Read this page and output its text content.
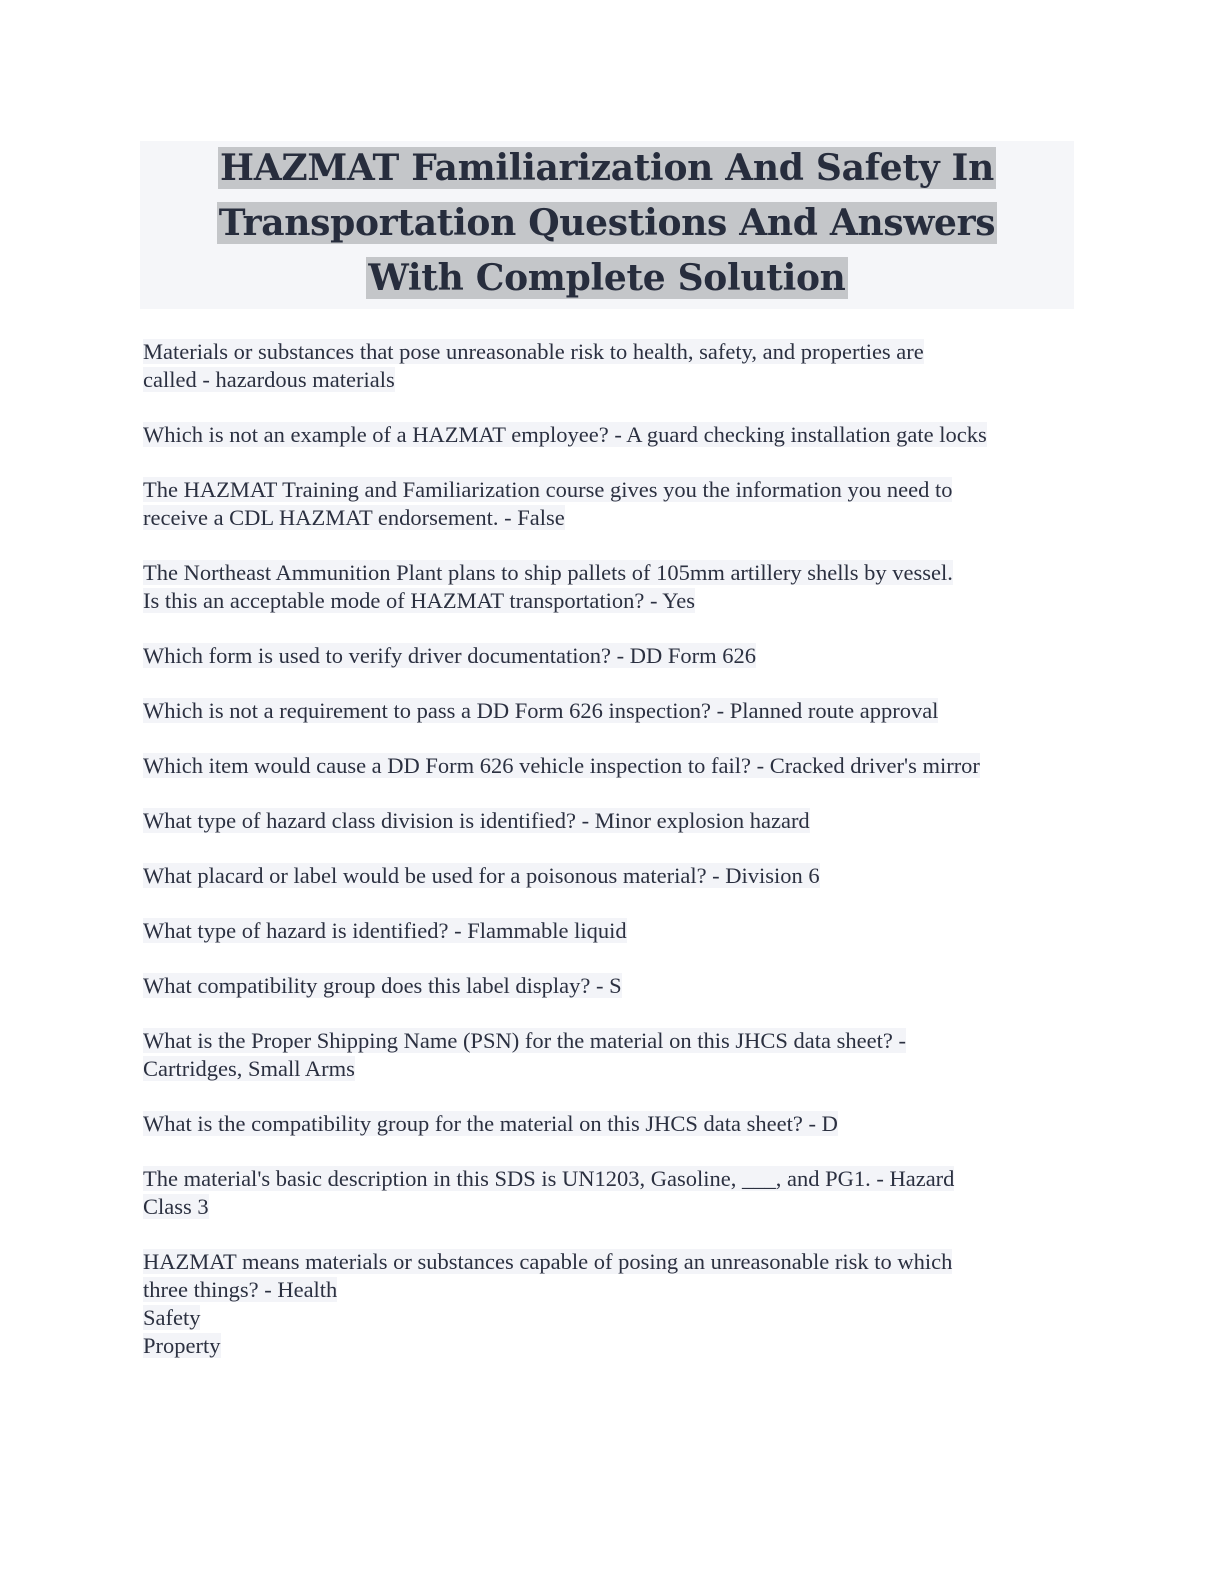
HAZMAT Familiarization And Safety In
Transportation Questions And Answers
With Complete Solution
Materials or substances that pose unreasonable risk to health, safety, and properties are
called - hazardous materials
Which is not an example of a HAZMAT employee? - A guard checking installation gate locks
The HAZMAT Training and Familiarization course gives you the information you need to
receive a CDL HAZMAT endorsement. - False
The Northeast Ammunition Plant plans to ship pallets of 105mm artillery shells by vessel.
Is this an acceptable mode of HAZMAT transportation? - Yes
Which form is used to verify driver documentation? - DD Form 626
Which is not a requirement to pass a DD Form 626 inspection? - Planned route approval
Which item would cause a DD Form 626 vehicle inspection to fail? - Cracked driver's mirror
What type of hazard class division is identified? - Minor explosion hazard
What placard or label would be used for a poisonous material? - Division 6
What type of hazard is identified? - Flammable liquid
What compatibility group does this label display? - S
What is the Proper Shipping Name (PSN) for the material on this JHCS data sheet? -
Cartridges, Small Arms
What is the compatibility group for the material on this JHCS data sheet? - D
The material's basic description in this SDS is UN1203, Gasoline, ___, and PG1. - Hazard
Class 3
HAZMAT means materials or substances capable of posing an unreasonable risk to which
three things? - Health
Safety
Property
